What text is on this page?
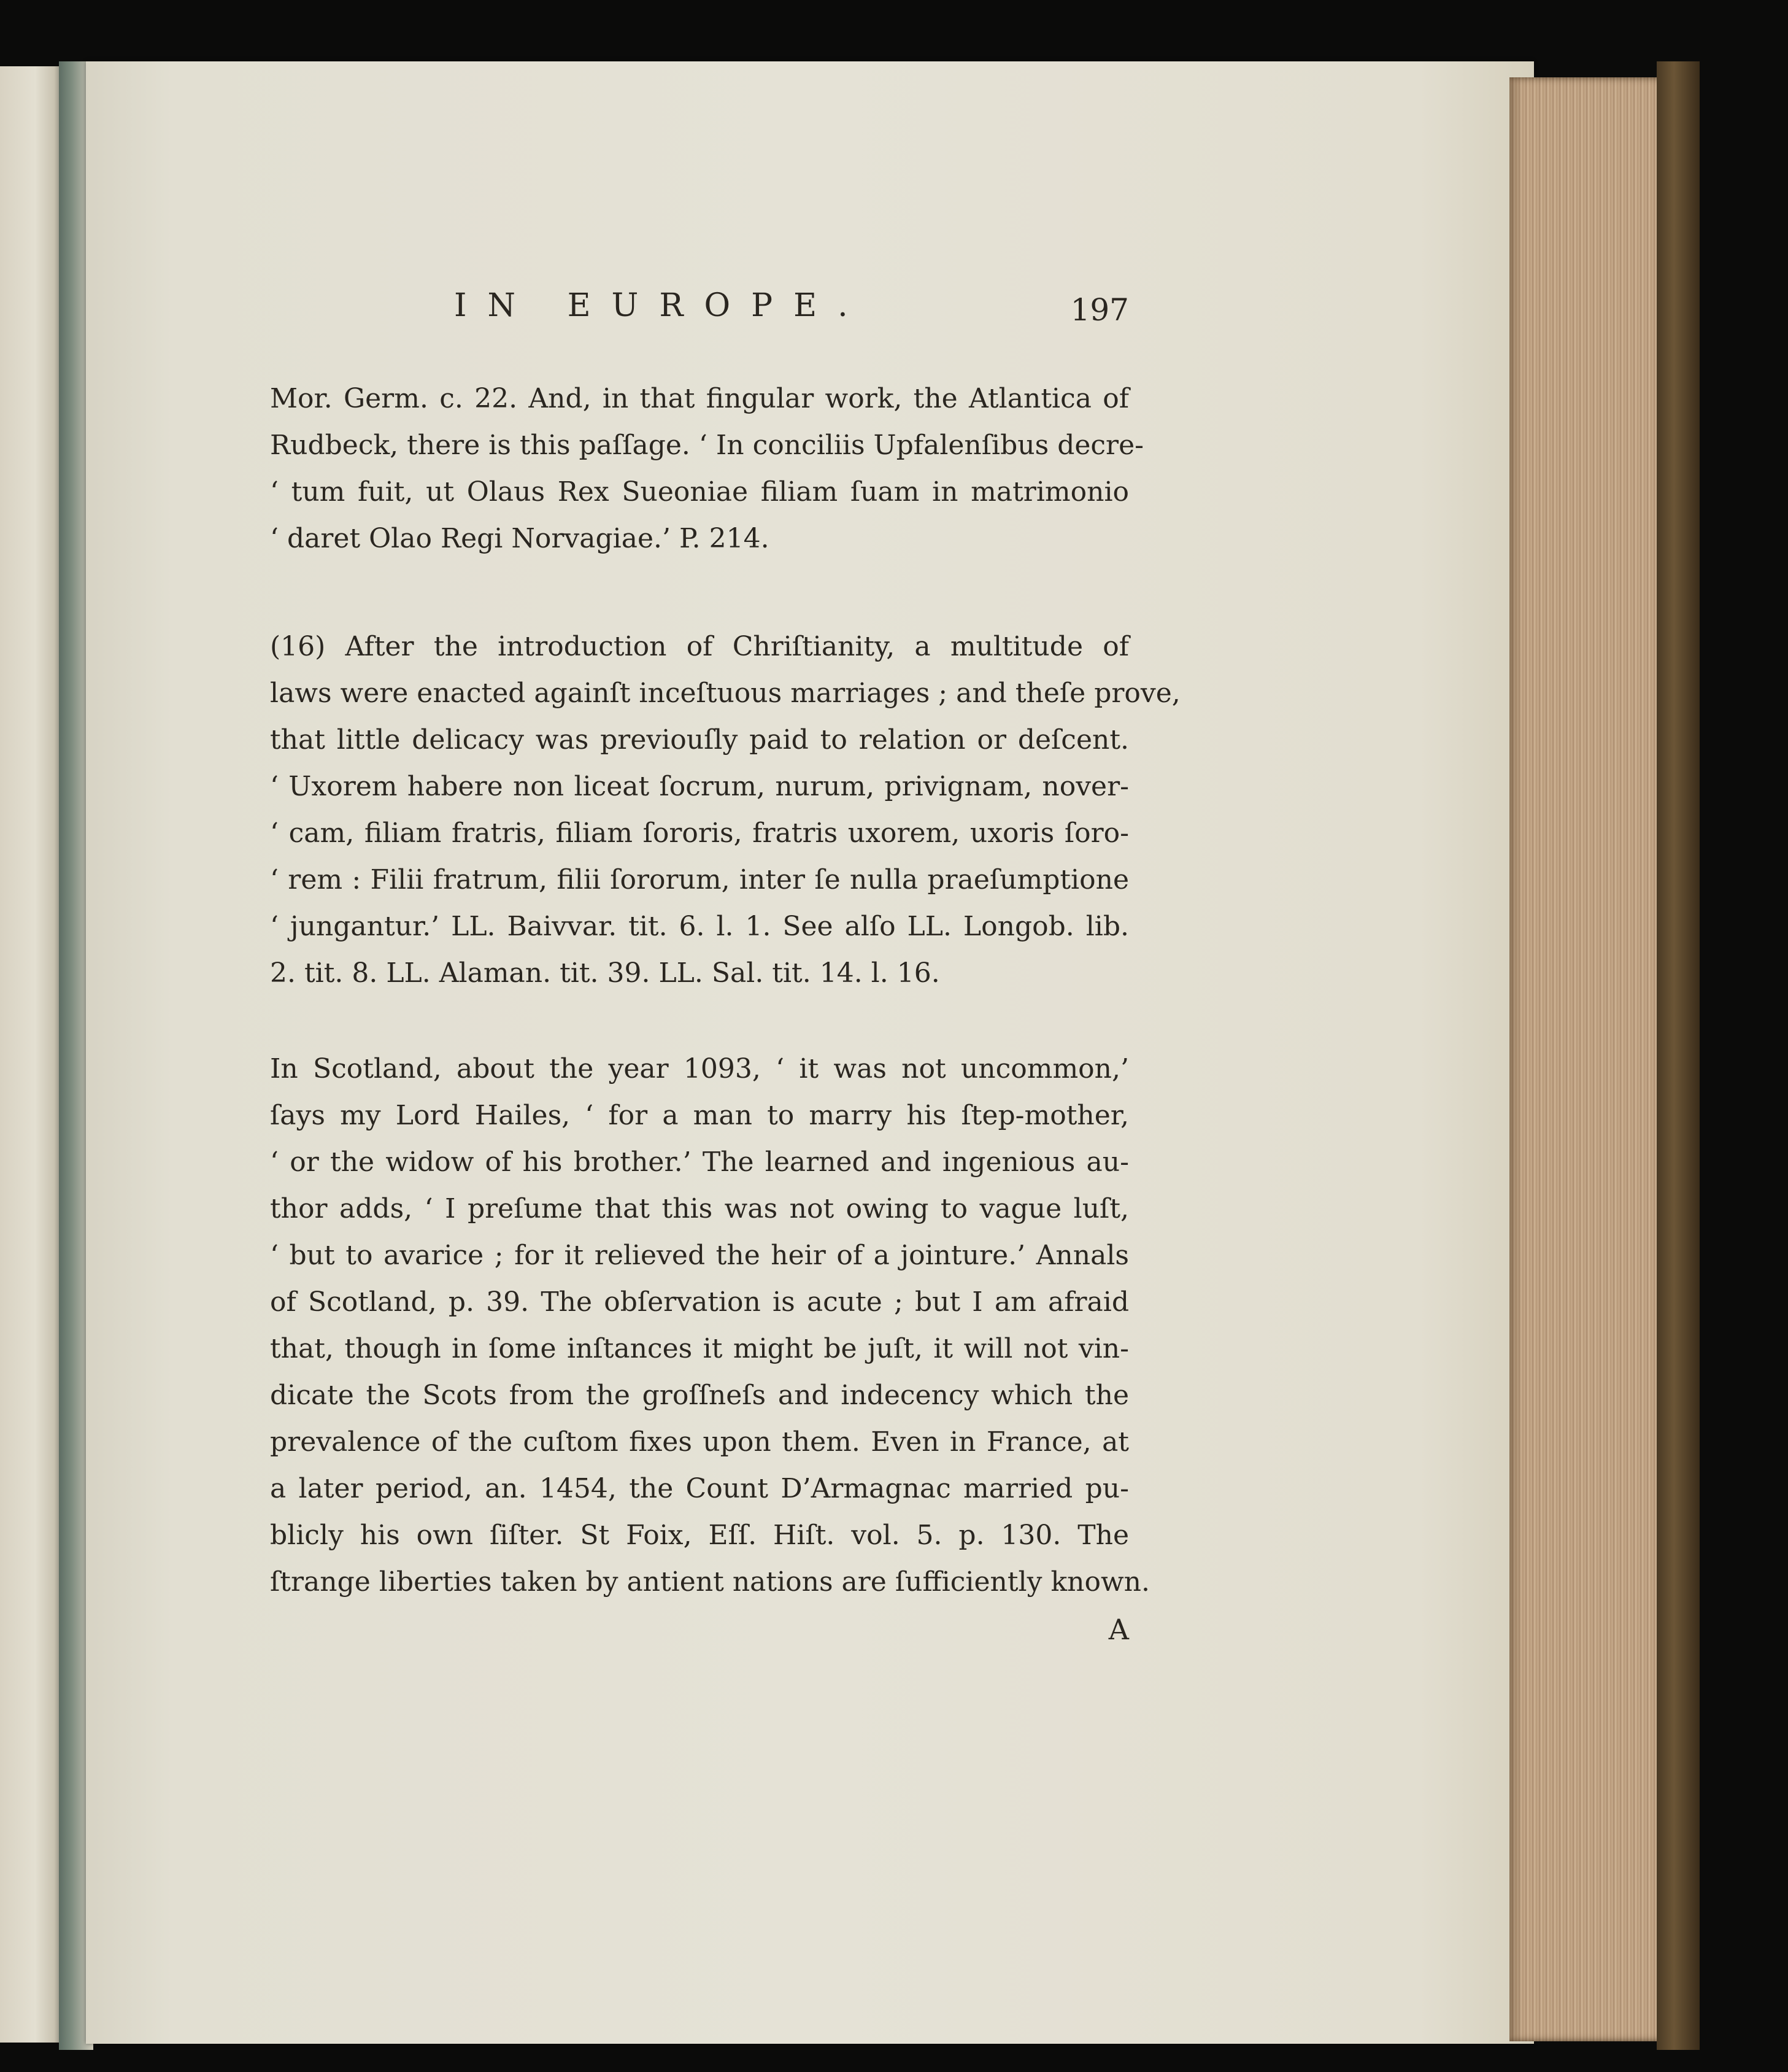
IN EUROPE.	197
Mor. Germ. c. 22. And, in that fingular work, the Atlantica of
Rudbeck, there is this paſſage. ‘ In conciliis Upfalenſibus decre-
‘ tum fuit, ut Olaus Rex Sueoniae filiam ſuam in matrimonio
‘ daret Olao Regi Norvagiae.’ P. 214.
(16) After the introduction of Chriſtianity, a multitude of
laws were enacted againſt inceſtuous marriages ; and theſe prove,
that little delicacy was previouſly paid to relation or deſcent.
‘ Uxorem habere non liceat ſocrum, nurum, privignam, nover-
‘ cam, filiam fratris, filiam ſororis, fratris uxorem, uxoris ſoro-
‘ rem : Filii fratrum, filii ſororum, inter ſe nulla praeſumptione
‘ jungantur.’ LL. Baivvar. tit. 6. l. 1. See alſo LL. Longob. lib.
2. tit. 8. LL. Alaman. tit. 39. LL. Sal. tit. 14. l. 16.
In Scotland, about the year 1093, ‘ it was not uncommon,’
ſays my Lord Hailes, ‘ for a man to marry his ſtep-mother,
‘ or the widow of his brother.’ The learned and ingenious au-
thor adds, ‘ I preſume that this was not owing to vague luſt,
‘ but to avarice ; for it relieved the heir of a jointure.’ Annals
of Scotland, p. 39. The obſervation is acute ; but I am afraid
that, though in ſome inſtances it might be juſt, it will not vin-
dicate the Scots from the groſſneſs and indecency which the
prevalence of the cuſtom fixes upon them. Even in France, at
a later period, an. 1454, the Count D’Armagnac married pu-
blicly his own ſiſter. St Foix, Eſſ. Hiſt. vol. 5. p. 130. The
ſtrange liberties taken by antient nations are ſufficiently known.
A
